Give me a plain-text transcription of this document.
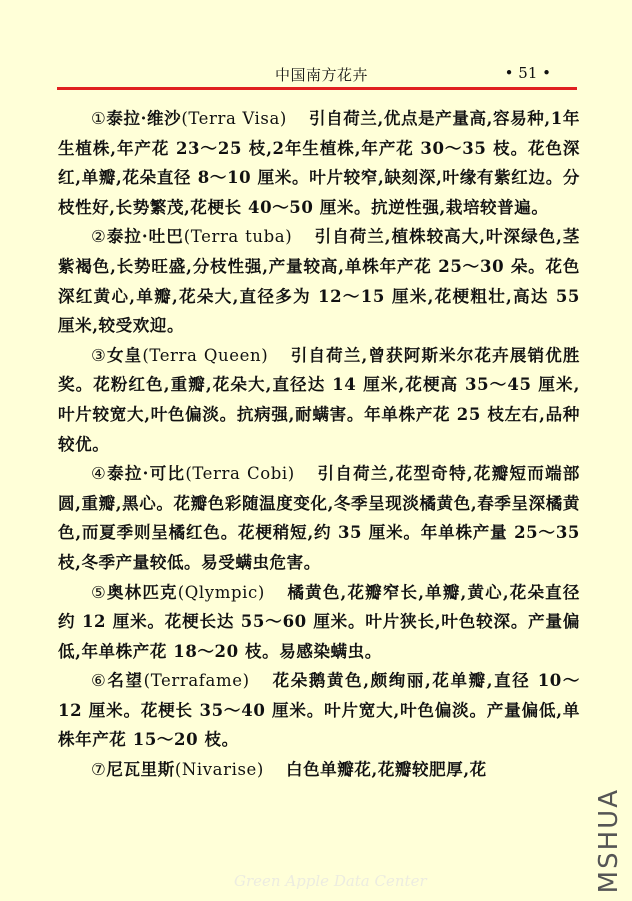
中国南方花卉	• 51 •

①泰拉·维沙(Terra Visa) 引自荷兰,优点是产量高,容易种,1年生植株,年产花 23～25 枝,2年生植株,年产花 30～35 枝。花色深红,单瓣,花朵直径 8～10 厘米。叶片较窄,缺刻深,叶缘有紫红边。分枝性好,长势繁茂,花梗长 40～50 厘米。抗逆性强,栽培较普遍。

②泰拉·吐巴(Terra tuba) 引自荷兰,植株较高大,叶深绿色,茎紫褐色,长势旺盛,分枝性强,产量较高,单株年产花 25～30 朵。花色深红黄心,单瓣,花朵大,直径多为 12～15 厘米,花梗粗壮,高达 55 厘米,较受欢迎。

③女皇(Terra Queen) 引自荷兰,曾获阿斯米尔花卉展销优胜奖。花粉红色,重瓣,花朵大,直径达 14 厘米,花梗高 35～45 厘米,叶片较宽大,叶色偏淡。抗病强,耐螨害。年单株产花 25 枝左右,品种较优。

④泰拉·可比(Terra Cobi) 引自荷兰,花型奇特,花瓣短而端部圆,重瓣,黑心。花瓣色彩随温度变化,冬季呈现淡橘黄色,春季呈深橘黄色,而夏季则呈橘红色。花梗稍短,约 35 厘米。年单株产量 25～35 枝,冬季产量较低。易受螨虫危害。

⑤奥林匹克(Qlympic) 橘黄色,花瓣窄长,单瓣,黄心,花朵直径约 12 厘米。花梗长达 55～60 厘米。叶片狭长,叶色较深。产量偏低,年单株产花 18～20 枝。易感染螨虫。

⑥名望(Terrafame) 花朵鹅黄色,颇绚丽,花单瓣,直径 10～12 厘米。花梗长 35～40 厘米。叶片宽大,叶色偏淡。产量偏低,单株年产花 15～20 枝。

⑦尼瓦里斯(Nivarise) 白色单瓣花,花瓣较肥厚,花

MSHUA
Green Apple Data Center
